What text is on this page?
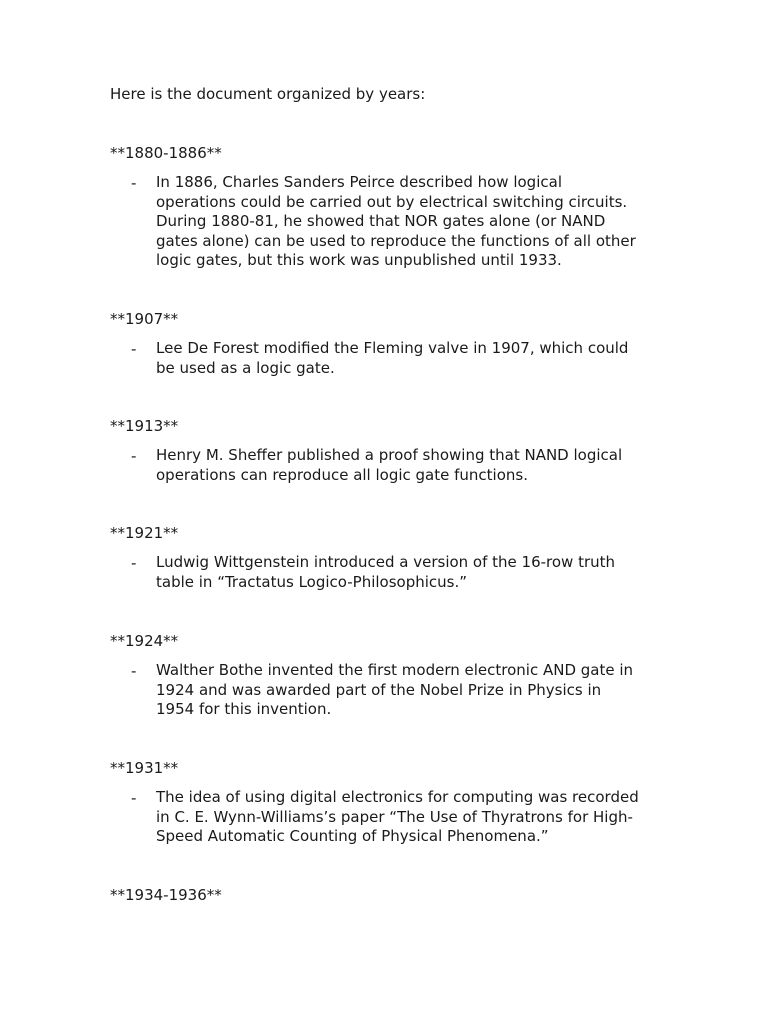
Here is the document organized by years:
**1880-1886**
- In 1886, Charles Sanders Peirce described how logical
operations could be carried out by electrical switching circuits.
During 1880-81, he showed that NOR gates alone (or NAND
gates alone) can be used to reproduce the functions of all other
logic gates, but this work was unpublished until 1933.
**1907**
- Lee De Forest modified the Fleming valve in 1907, which could
be used as a logic gate.
**1913**
- Henry M. Sheffer published a proof showing that NAND logical
operations can reproduce all logic gate functions.
**1921**
- Ludwig Wittgenstein introduced a version of the 16-row truth
table in “Tractatus Logico-Philosophicus.”
**1924**
- Walther Bothe invented the first modern electronic AND gate in
1924 and was awarded part of the Nobel Prize in Physics in
1954 for this invention.
**1931**
- The idea of using digital electronics for computing was recorded
in C. E. Wynn-Williams’s paper “The Use of Thyratrons for High-
Speed Automatic Counting of Physical Phenomena.”
**1934-1936**
